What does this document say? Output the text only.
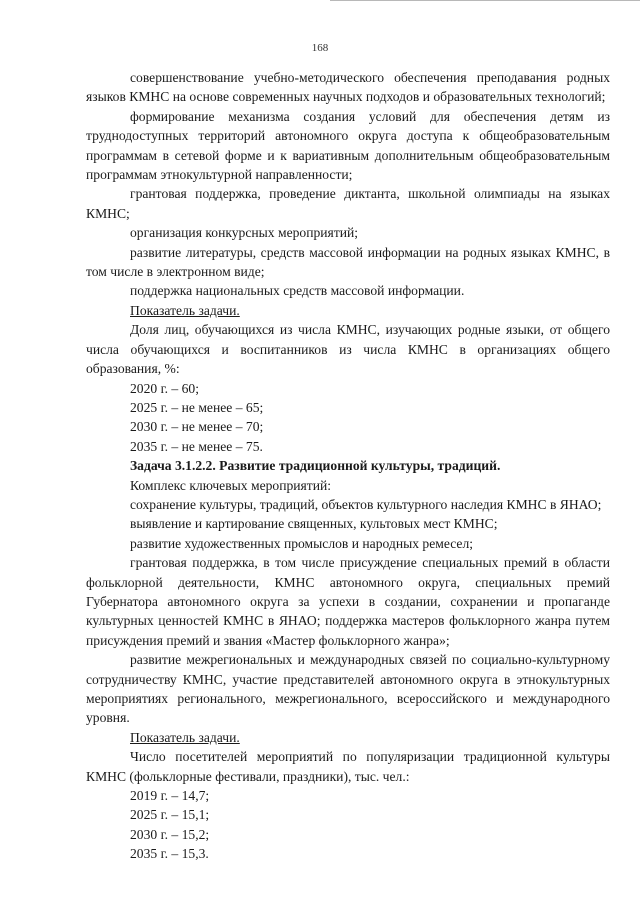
168

совершенствование учебно-методического обеспечения преподавания родных языков КМНС на основе современных научных подходов и образовательных технологий;

формирование механизма создания условий для обеспечения детям из труднодоступных территорий автономного округа доступа к общеобразовательным программам в сетевой форме и к вариативным дополнительным общеобразовательным программам этнокультурной направленности;

грантовая поддержка, проведение диктанта, школьной олимпиады на языках КМНС;

организация конкурсных мероприятий;

развитие литературы, средств массовой информации на родных языках КМНС, в том числе в электронном виде;

поддержка национальных средств массовой информации.

Показатель задачи.

Доля лиц, обучающихся из числа КМНС, изучающих родные языки, от общего числа обучающихся и воспитанников из числа КМНС в организациях общего образования, %:

2020 г. – 60;
2025 г. – не менее – 65;
2030 г. – не менее – 70;
2035 г. – не менее – 75.

Задача 3.1.2.2. Развитие традиционной культуры, традиций.

Комплекс ключевых мероприятий:

сохранение культуры, традиций, объектов культурного наследия КМНС в ЯНАО;

выявление и картирование священных, культовых мест КМНС;

развитие художественных промыслов и народных ремесел;

грантовая поддержка, в том числе присуждение специальных премий в области фольклорной деятельности, КМНС автономного округа, специальных премий Губернатора автономного округа за успехи в создании, сохранении и пропаганде культурных ценностей КМНС в ЯНАО; поддержка мастеров фольклорного жанра путем присуждения премий и звания «Мастер фольклорного жанра»;

развитие межрегиональных и международных связей по социально-культурному сотрудничеству КМНС, участие представителей автономного округа в этнокультурных мероприятиях регионального, межрегионального, всероссийского и международного уровня.

Показатель задачи.

Число посетителей мероприятий по популяризации традиционной культуры КМНС (фольклорные фестивали, праздники), тыс. чел.:

2019 г. – 14,7;
2025 г. – 15,1;
2030 г. – 15,2;
2035 г. – 15,3.
